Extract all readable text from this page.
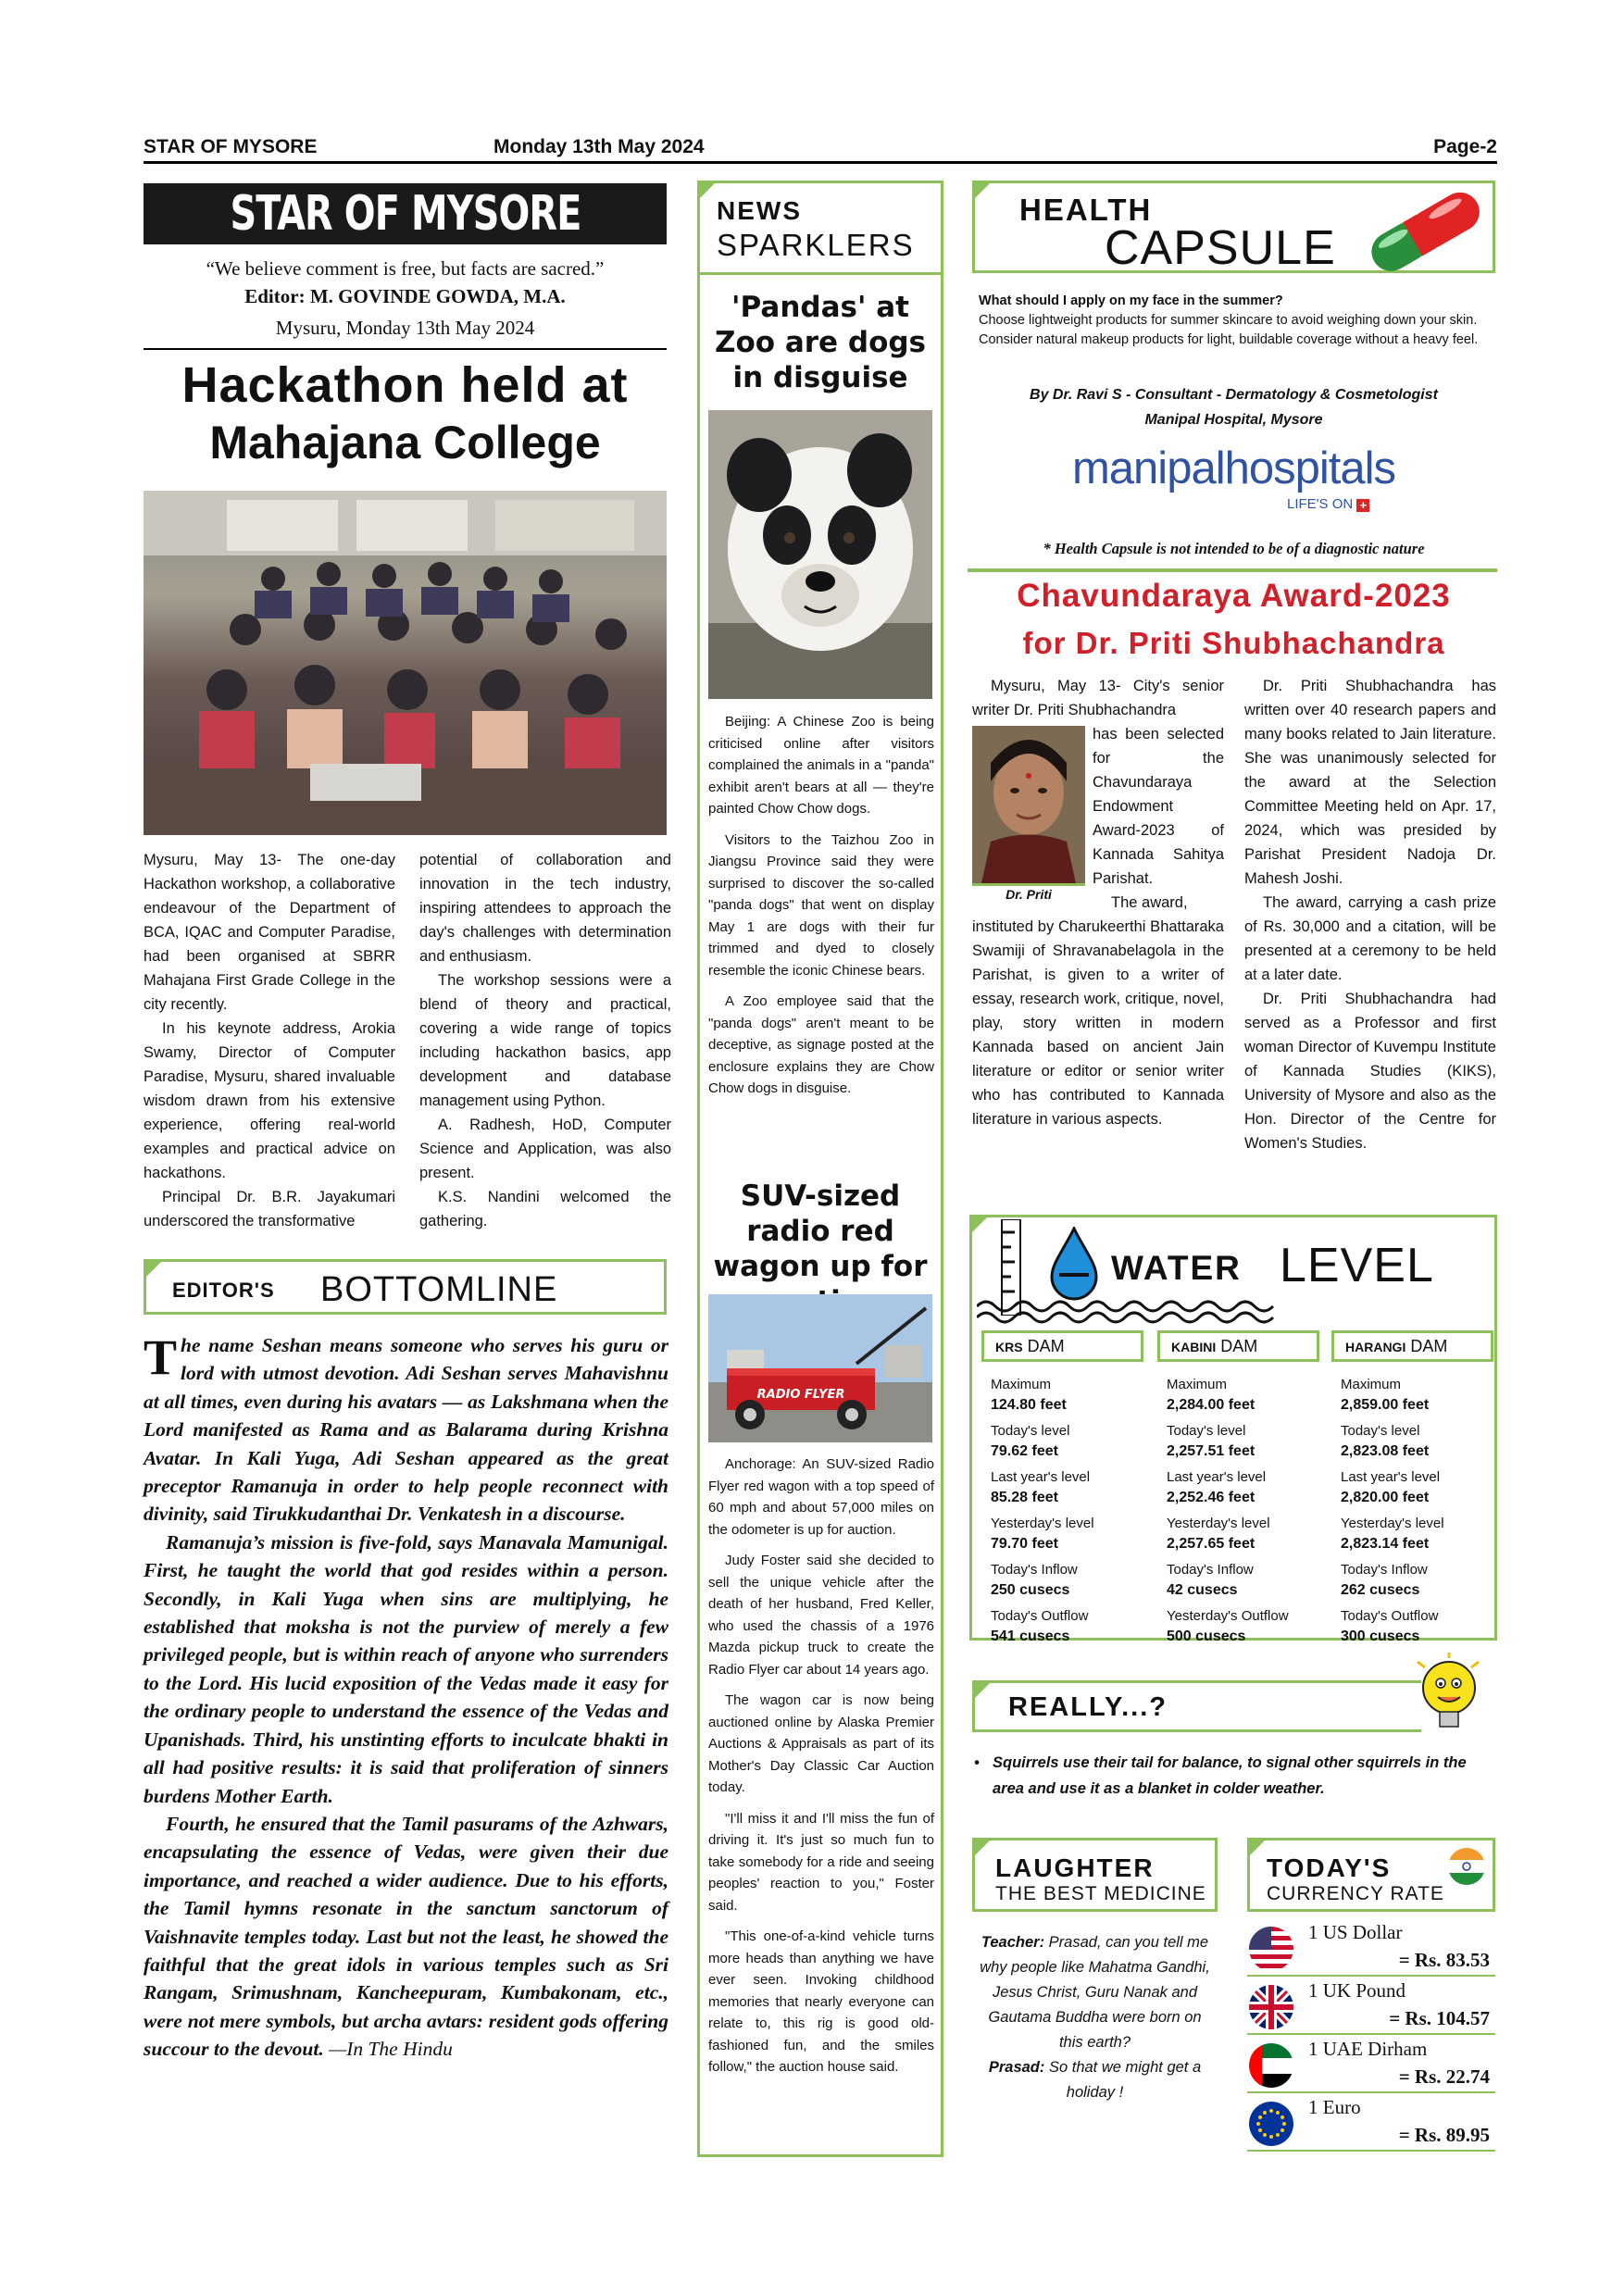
STAR OF MYSORE	Monday 13th May 2024	Page-2
STAR OF MYSORE
“We believe comment is free, but facts are sacred.”
Editor: M. GOVINDE GOWDA, M.A.
Mysuru, Monday 13th May 2024
Hackathon held at
Mahajana College

Mysuru, May 13- The one-day Hackathon workshop, a collaborative endeavour of the Department of BCA, IQAC and Computer Paradise, had been organised at SBRR Mahajana First Grade College in the city recently.

In his keynote address, Arokia Swamy, Director of Computer Paradise, Mysuru, shared invaluable wisdom drawn from his extensive experience, offering real-world examples and practical advice on hackathons.

Principal Dr. B.R. Jayakumari underscored the transformative

potential of collaboration and innovation in the tech industry, inspiring attendees to approach the day's challenges with determination and enthusiasm.

The workshop sessions were a blend of theory and practical, covering a wide range of topics including hackathon basics, app development and database management using Python.

A. Radhesh, HoD, Computer Science and Application, was also present.

K.S. Nandini welcomed the gathering.

EDITOR'S BOTTOMLINE

The name Seshan means someone who serves his guru or lord with utmost devotion. Adi Seshan serves Mahavishnu at all times, even during his avatars — as Lakshmana when the Lord manifested as Rama and as Balarama during Krishna Avatar. In Kali Yuga, Adi Seshan appeared as the great preceptor Ramanuja in order to help people reconnect with divinity, said Tirukkudanthai Dr. Venkatesh in a discourse.

Ramanuja’s mission is five-fold, says Manavala Mamunigal. First, he taught the world that god resides within a person. Secondly, in Kali Yuga when sins are multiplying, he established that moksha is not the purview of merely a few privileged people, but is within reach of anyone who surrenders to the Lord. His lucid exposition of the Vedas made it easy for the ordinary people to understand the essence of the Vedas and Upanishads. Third, his unstinting efforts to inculcate bhakti in all had positive results: it is said that proliferation of sinners burdens Mother Earth.

Fourth, he ensured that the Tamil pasurams of the Azhwars, encapsulating the essence of Vedas, were given their due importance, and reached a wider audience. Due to his efforts, the Tamil hymns resonate in the sanctum sanctorum of Vaishnavite temples today. Last but not the least, he showed the faithful that the great idols in various temples such as Sri Rangam, Srimushnam, Kancheepuram, Kumbakonam, etc., were not mere symbols, but archa avtars: resident gods offering succour to the devout. —In The Hindu

NEWS
SPARKLERS
'Pandas' at Zoo are dogs in disguise

Beijing: A Chinese Zoo is being criticised online after visitors complained the animals in a "panda" exhibit aren't bears at all — they're painted Chow Chow dogs.

Visitors to the Taizhou Zoo in Jiangsu Province said they were surprised to discover the so-called "panda dogs" that went on display May 1 are dogs with their fur trimmed and dyed to closely resemble the iconic Chinese bears.

A Zoo employee said that the "panda dogs" aren't meant to be deceptive, as signage posted at the enclosure explains they are Chow Chow dogs in disguise.

SUV-sized radio red wagon up for
RADIO FLYER

Anchorage: An SUV-sized Radio Flyer red wagon with a top speed of 60 mph and about 57,000 miles on the odometer is up for auction.

Judy Foster said she decided to sell the unique vehicle after the death of her husband, Fred Keller, who used the chassis of a 1976 Mazda pickup truck to create the Radio Flyer car about 14 years ago.

The wagon car is now being auctioned online by Alaska Premier Auctions & Appraisals as part of its Mother's Day Classic Car Auction today.

"I'll miss it and I'll miss the fun of driving it. It's just so much fun to take somebody for a ride and seeing peoples' reaction to you," Foster said.

"This one-of-a-kind vehicle turns more heads than anything we have ever seen. Invoking childhood memories that nearly everyone can relate to, this rig is good old-fashioned fun, and the smiles follow," the auction house said.

HEALTH
CAPSULE
What should I apply on my face in the summer?
Choose lightweight products for summer skincare to avoid weighing down your skin. Consider natural makeup products for light, buildable coverage without a heavy feel.
By Dr. Ravi S - Consultant - Dermatology & Cosmetologist
Manipal Hospital, Mysore
manipalhospitals
LIFE'S ON +
* Health Capsule is not intended to be of a diagnostic nature
Chavundaraya Award-2023
for Dr. Priti Shubhachandra

Mysuru, May 13- City's senior writer Dr. Priti Shubhachandra

Dr. Priti

has been selected for the Chavundaraya Endowment Award-2023 of Kannada Sahitya Parishat.

The award,

instituted by Charukeerthi Bhattaraka Swamiji of Shravanabelagola in the Parishat, is given to a writer of essay, research work, critique, novel, play, story written in modern Kannada based on ancient Jain literature or editor or senior writer who has contributed to Kannada literature in various aspects.

Dr. Priti Shubhachandra has written over 40 research papers and many books related to Jain literature. She was unanimously selected for the award at the Selection Committee Meeting held on Apr. 17, 2024, which was presided by Parishat President Nadoja Dr. Mahesh Joshi.

The award, carrying a cash prize of Rs. 30,000 and a citation, will be presented at a ceremony to be held at a later date.

Dr. Priti Shubhachandra had served as a Professor and first woman Director of Kuvempu Institute of Kannada Studies (KIKS), University of Mysore and also as the Hon. Director of the Centre for Women's Studies.

WATER LEVEL
KRS DAM
Maximum
124.80 feet
Today's level
79.62 feet
Last year's level
85.28 feet
Yesterday's level
79.70 feet
Today's Inflow
250 cusecs
Today's Outflow
541 cusecs
KABINI DAM
Maximum
2,284.00 feet
Today's level
2,257.51 feet
Last year's level
2,252.46 feet
Yesterday's level
2,257.65 feet
Today's Inflow
42 cusecs
Yesterday's Outflow
500 cusecs
HARANGI DAM
Maximum
2,859.00 feet
Today's level
2,823.08 feet
Last year's level
2,820.00 feet
Yesterday's level
2,823.14 feet
Today's Inflow
262 cusecs
Today's Outflow
300 cusecs
REALLY...?
• Squirrels use their tail for balance, to signal other squirrels in the area and use it as a blanket in colder weather.
LAUGHTER
THE BEST MEDICINE
Teacher: Prasad, can you tell me why people like Mahatma Gandhi, Jesus Christ, Guru Nanak and Gautama Buddha were born on this earth?
Prasad: So that we might get a holiday !
TODAY'S
CURRENCY RATE
1 US Dollar
= Rs. 83.53
1 UK Pound
= Rs. 104.57
1 UAE Dirham
= Rs. 22.74
1 Euro
= Rs. 89.95
